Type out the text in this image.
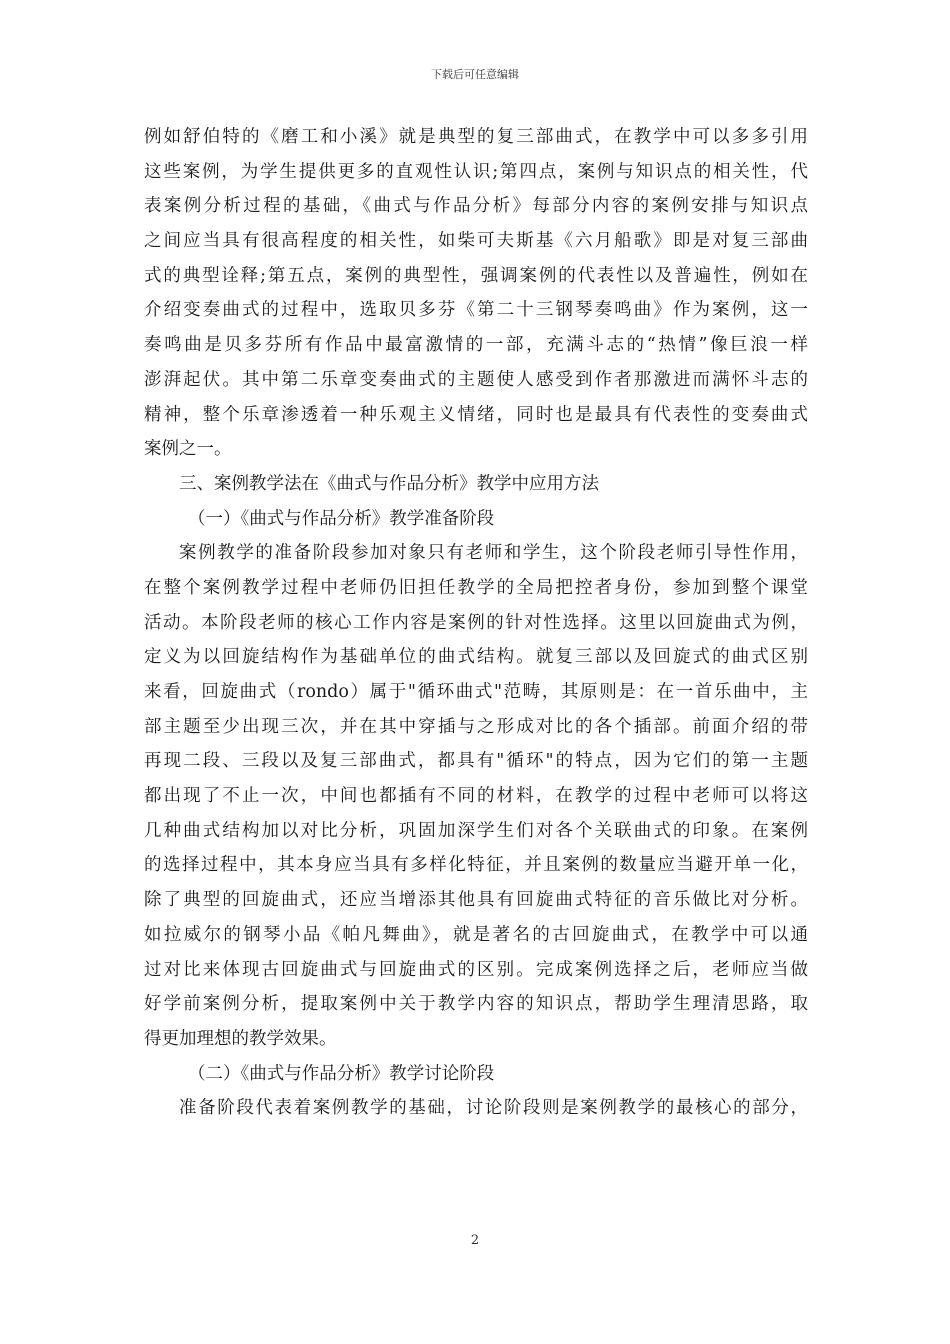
下载后可任意编辑
例如舒伯特的《磨工和小溪》就是典型的复三部曲式，在教学中可以多多引用
这些案例，为学生提供更多的直观性认识;第四点，案例与知识点的相关性，代
表案例分析过程的基础，《曲式与作品分析》每部分内容的案例安排与知识点
之间应当具有很高程度的相关性，如柴可夫斯基《六月船歌》即是对复三部曲
式的典型诠释;第五点，案例的典型性，强调案例的代表性以及普遍性，例如在
介绍变奏曲式的过程中，选取贝多芬《第二十三钢琴奏鸣曲》作为案例，这一
奏鸣曲是贝多芬所有作品中最富激情的一部，充满斗志的“热情”像巨浪一样
澎湃起伏。其中第二乐章变奏曲式的主题使人感受到作者那激进而满怀斗志的
精神，整个乐章渗透着一种乐观主义情绪，同时也是最具有代表性的变奏曲式
案例之一。
三、案例教学法在《曲式与作品分析》教学中应用方法
（一）《曲式与作品分析》教学准备阶段
案例教学的准备阶段参加对象只有老师和学生，这个阶段老师引导性作用，
在整个案例教学过程中老师仍旧担任教学的全局把控者身份，参加到整个课堂
活动。本阶段老师的核心工作内容是案例的针对性选择。这里以回旋曲式为例，
定义为以回旋结构作为基础单位的曲式结构。就复三部以及回旋式的曲式区别
来看，回旋曲式（rondo）属于"循环曲式"范畴，其原则是：在一首乐曲中，主
部主题至少出现三次，并在其中穿插与之形成对比的各个插部。前面介绍的带
再现二段、三段以及复三部曲式，都具有"循环"的特点，因为它们的第一主题
都出现了不止一次，中间也都插有不同的材料，在教学的过程中老师可以将这
几种曲式结构加以对比分析，巩固加深学生们对各个关联曲式的印象。在案例
的选择过程中，其本身应当具有多样化特征，并且案例的数量应当避开单一化，
除了典型的回旋曲式，还应当增添其他具有回旋曲式特征的音乐做比对分析。
如拉威尔的钢琴小品《帕凡舞曲》，就是著名的古回旋曲式，在教学中可以通
过对比来体现古回旋曲式与回旋曲式的区别。完成案例选择之后，老师应当做
好学前案例分析，提取案例中关于教学内容的知识点，帮助学生理清思路，取
得更加理想的教学效果。
（二）《曲式与作品分析》教学讨论阶段
准备阶段代表着案例教学的基础，讨论阶段则是案例教学的最核心的部分，
2
